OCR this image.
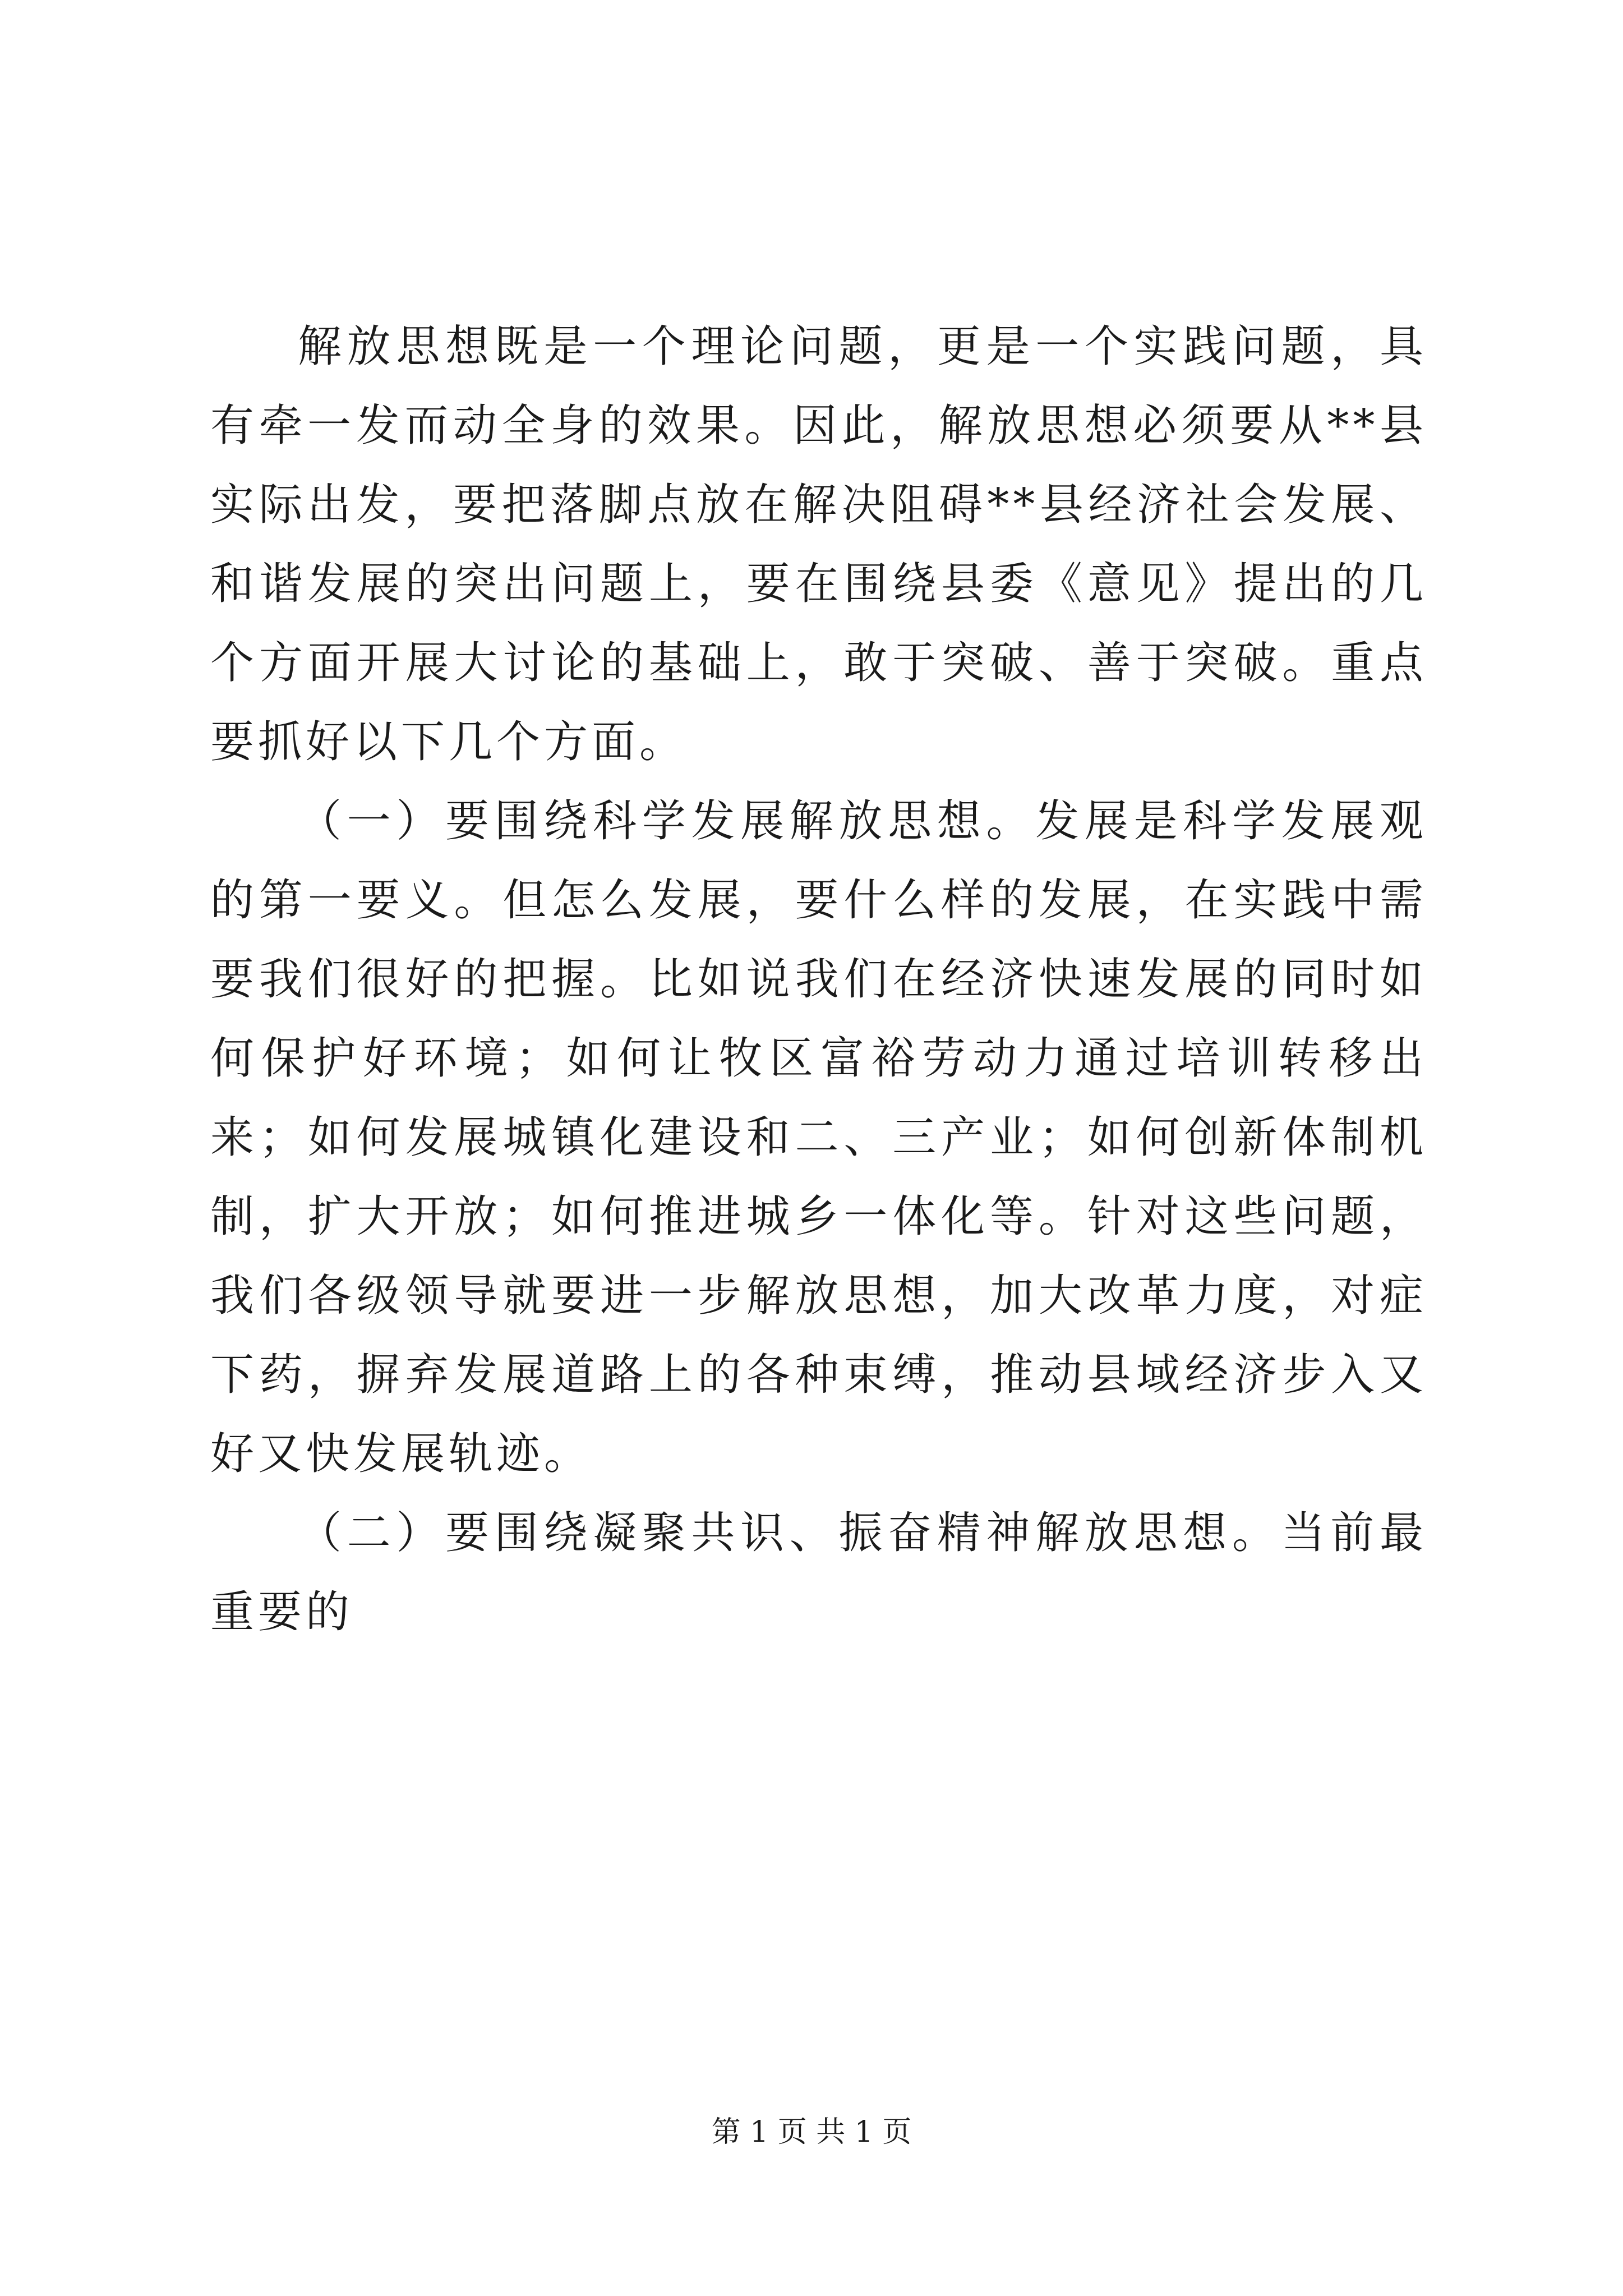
解放思想既是一个理论问题，更是一个实践问题，具有牵一发而动全身的效果。因此，解放思想必须要从**县实际出发，要把落脚点放在解决阻碍**县经济社会发展、和谐发展的突出问题上，要在围绕县委《意见》提出的几个方面开展大讨论的基础上，敢于突破、善于突破。重点要抓好以下几个方面。

（一）要围绕科学发展解放思想。发展是科学发展观的第一要义。但怎么发展，要什么样的发展，在实践中需要我们很好的把握。比如说我们在经济快速发展的同时如何保护好环境；如何让牧区富裕劳动力通过培训转移出来；如何发展城镇化建设和二、三产业；如何创新体制机制，扩大开放；如何推进城乡一体化等。针对这些问题，我们各级领导就要进一步解放思想，加大改革力度，对症下药，摒弃发展道路上的各种束缚，推动县域经济步入又好又快发展轨迹。

（二）要围绕凝聚共识、振奋精神解放思想。当前最重要的

第 1 页 共 1 页
